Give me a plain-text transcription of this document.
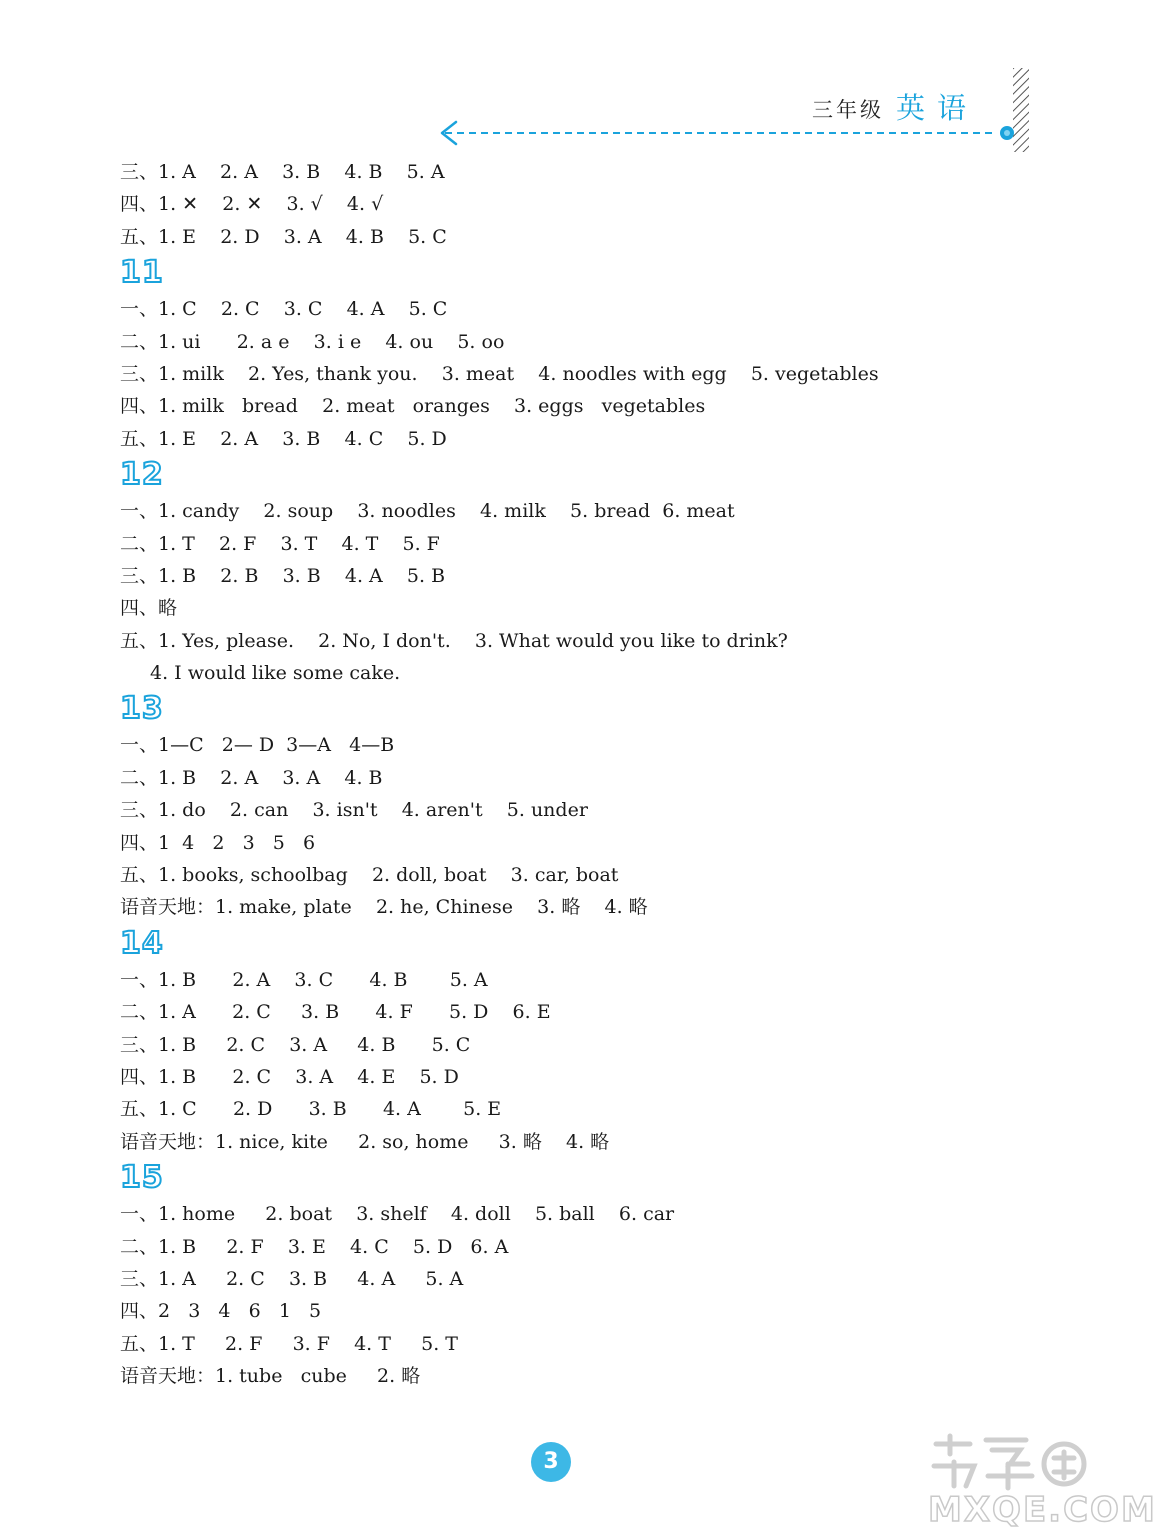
三年级 英语
三、1. A    2. A    3. B    4. B    5. A
四、1. ✕    2. ✕    3. √    4. √
五、1. E    2. D    3. A    4. B    5. C
11
一、1. C    2. C    3. C    4. A    5. C
二、1. ui      2. a e    3. i e    4. ou    5. oo
三、1. milk    2. Yes, thank you.    3. meat    4. noodles with egg    5. vegetables
四、1. milk   bread    2. meat   oranges    3. eggs   vegetables
五、1. E    2. A    3. B    4. C    5. D
12
一、1. candy    2. soup    3. noodles    4. milk    5. bread  6. meat
二、1. T    2. F    3. T    4. T    5. F
三、1. B    2. B    3. B    4. A    5. B
四、略
五、1. Yes, please.    2. No, I don't.    3. What would you like to drink?
4. I would like some cake.
13
一、1—C   2— D  3—A   4—B
二、1. B    2. A    3. A    4. B
三、1. do    2. can    3. isn't    4. aren't    5. under
四、1  4   2   3   5   6
五、1. books, schoolbag    2. doll, boat    3. car, boat
语音天地：1. make, plate    2. he, Chinese    3. 略    4. 略
14
一、1. B      2. A    3. C      4. B       5. A
二、1. A      2. C     3. B      4. F      5. D    6. E
三、1. B     2. C    3. A     4. B      5. C
四、1. B      2. C    3. A    4. E    5. D
五、1. C      2. D      3. B      4. A       5. E
语音天地：1. nice, kite     2. so, home     3. 略    4. 略
15
一、1. home     2. boat    3. shelf    4. doll    5. ball    6. car
二、1. B     2. F    3. E    4. C    5. D   6. A
三、1. A     2. C    3. B     4. A     5. A
四、2   3   4   6   1   5
五、1. T     2. F     3. F    4. T     5. T
语音天地：1. tube   cube     2. 略
3
MXQE.COM
